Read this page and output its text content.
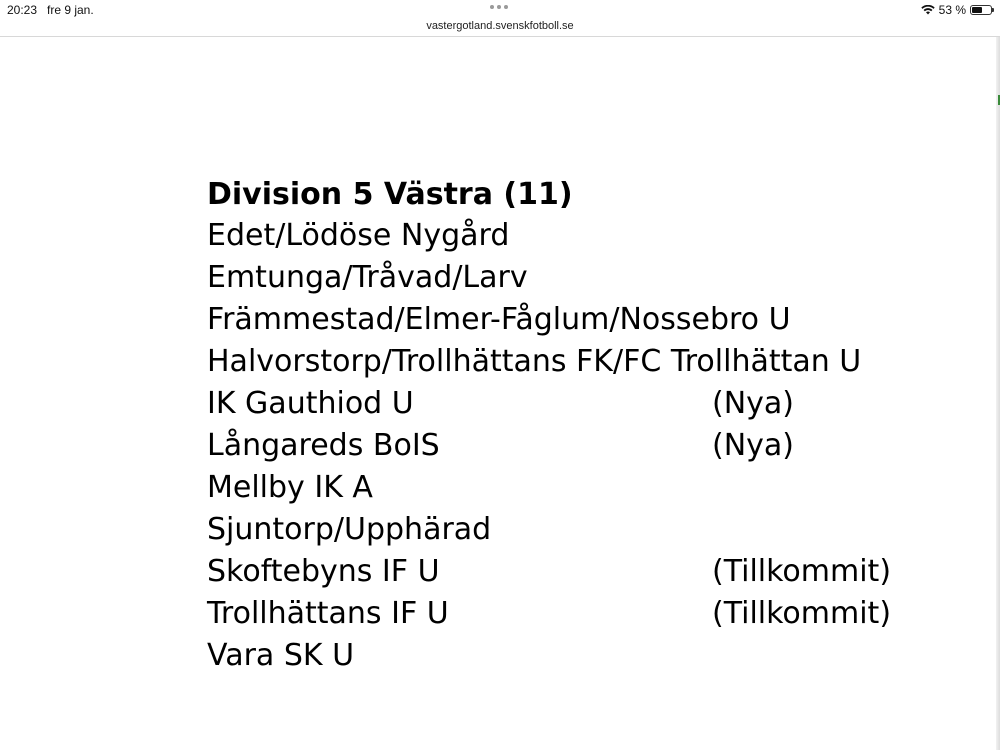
20:23 fre 9 jan.	53 %
vastergotland.svenskfotboll.se
Division 5 Västra (11)
Edet/Lödöse Nygård
Emtunga/Tråvad/Larv
Främmestad/Elmer-Fåglum/Nossebro U
Halvorstorp/Trollhättans FK/FC Trollhättan U
IK Gauthiod U	(Nya)
Långareds BoIS	(Nya)
Mellby IK A
Sjuntorp/Upphärad
Skoftebyns IF U	(Tillkommit)
Trollhättans IF U	(Tillkommit)
Vara SK U
